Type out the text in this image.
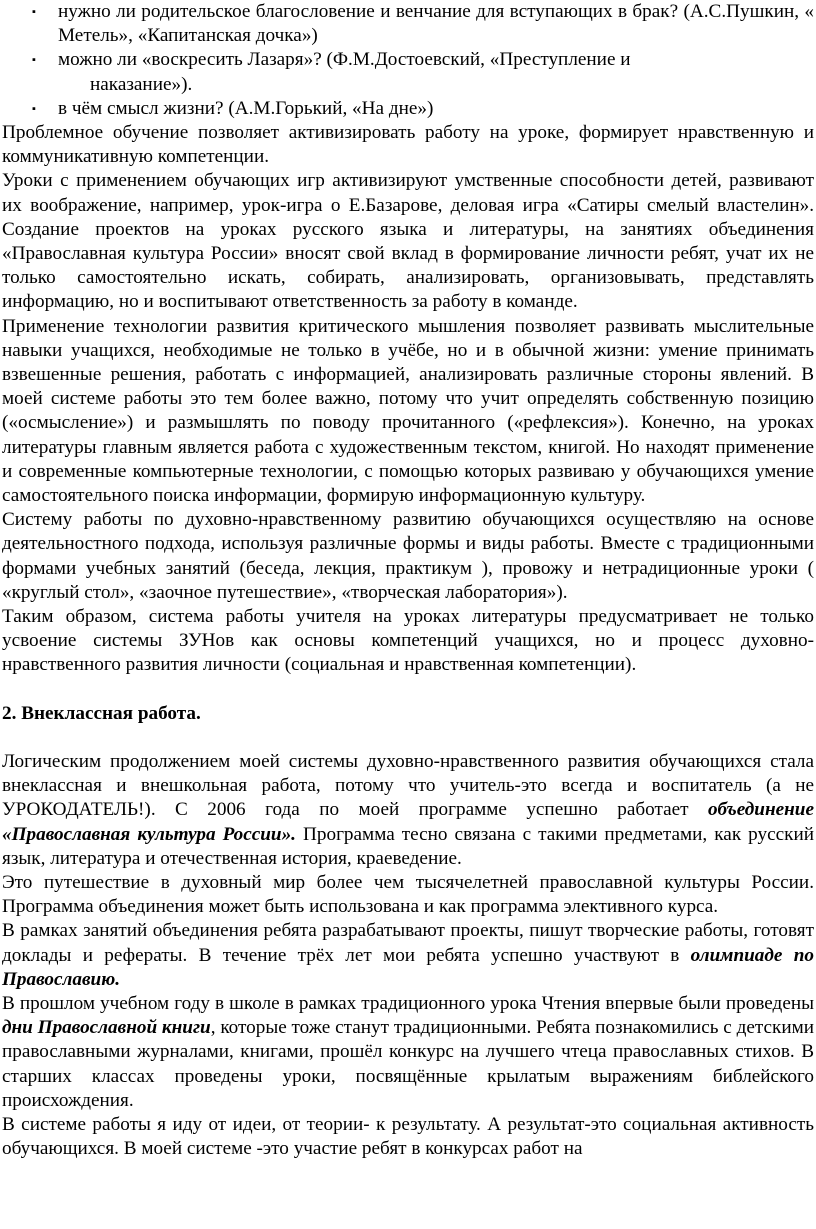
▪ нужно ли родительское благословение и венчание для вступающих в брак? (А.С.Пушкин, « Метель», «Капитанская дочка»)
▪ можно ли «воскресить Лазаря»? (Ф.М.Достоевский, «Преступление и
наказание»).
▪ в чём смысл жизни? (А.М.Горький, «На дне»)

Проблемное обучение позволяет активизировать работу на уроке, формирует нравственную и коммуникативную компетенции.

Уроки с применением обучающих игр активизируют умственные способности детей, развивают их воображение, например, урок-игра о Е.Базарове, деловая игра «Сатиры смелый властелин». Создание проектов на уроках русского языка и литературы, на занятиях объединения «Православная культура России» вносят свой вклад в формирование личности ребят, учат их не только самостоятельно искать, собирать, анализировать, организовывать, представлять информацию, но и воспитывают ответственность за работу в команде.

Применение технологии развития критического мышления позволяет развивать мыслительные навыки учащихся, необходимые не только в учёбе, но и в обычной жизни: умение принимать взвешенные решения, работать с информацией, анализировать различные стороны явлений. В моей системе работы это тем более важно, потому что учит определять собственную позицию («осмысление») и размышлять по поводу прочитанного («рефлексия»). Конечно, на уроках литературы главным является работа с художественным текстом, книгой. Но находят применение и современные компьютерные технологии, с помощью которых развиваю у обучающихся умение самостоятельного поиска информации, формирую информационную культуру.

Систему работы по духовно-нравственному развитию обучающихся осуществляю на основе деятельностного подхода, используя различные формы и виды работы. Вместе с традиционными формами учебных занятий (беседа, лекция, практикум ), провожу и нетрадиционные уроки ( «круглый стол», «заочное путешествие», «творческая лаборатория»).

Таким образом, система работы учителя на уроках литературы предусматривает не только усвоение системы ЗУНов как основы компетенций учащихся, но и процесс духовно-нравственного развития личности (социальная и нравственная компетенции).

2. Внеклассная работа.

Логическим продолжением моей системы духовно-нравственного развития обучающихся стала внеклассная и внешкольная работа, потому что учитель-это всегда и воспитатель (а не УРОКОДАТЕЛЬ!). С 2006 года по моей программе успешно работает объединение «Православная культура России». Программа тесно связана с такими предметами, как русский язык, литература и отечественная история, краеведение.

Это путешествие в духовный мир более чем тысячелетней православной культуры России. Программа объединения может быть использована и как программа элективного курса.

В рамках занятий объединения ребята разрабатывают проекты, пишут творческие работы, готовят доклады и рефераты. В течение трёх лет мои ребята успешно участвуют в олимпиаде по Православию.

В прошлом учебном году в школе в рамках традиционного урока Чтения впервые были проведены дни Православной книги, которые тоже станут традиционными. Ребята познакомились с детскими православными журналами, книгами, прошёл конкурс на лучшего чтеца православных стихов. В старших классах проведены уроки, посвящённые крылатым выражениям библейского происхождения.

В системе работы я иду от идеи, от теории- к результату. А результат-это социальная активность обучающихся. В моей системе -это участие ребят в конкурсах работ на
